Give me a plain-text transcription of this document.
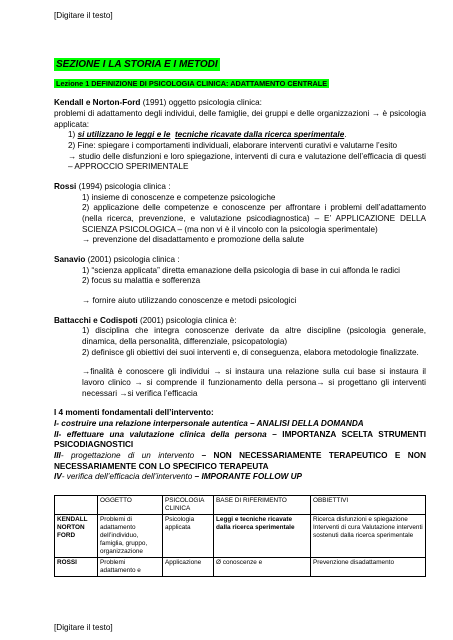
[Digitare il testo]

SEZIONE I LA STORIA E I METODI

Lezione 1 DEFINIZIONE DI PSICOLOGIA CLINICA: ADATTAMENTO CENTRALE

Kendall e Norton-Ford (1991) oggetto psicologia clinica:

problemi di adattamento degli individui, delle famiglie, dei gruppi e delle organizzazioni → è psicologia applicata:

1) si utilizzano le leggi e le tecniche ricavate dalla ricerca sperimentale.

2) Fine: spiegare i comportamenti individuali, elaborare interventi curativi e valutarne l’esito

→ studio delle disfunzioni e loro spiegazione, interventi di cura e valutazione dell’efficacia di questi – APPROCCIO SPERIMENTALE

Rossi (1994) psicologia clinica :

1) insieme di conoscenze e competenze psicologiche

2) applicazione delle competenze e conoscenze per affrontare i problemi dell’adattamento (nella ricerca, prevenzione, e valutazione psicodiagnostica) – E’ APPLICAZIONE DELLA SCIENZA PSICOLOGICA – (ma non vi è il vincolo con la psicologia sperimentale)

→ prevenzione del disadattamento e promozione della salute

Sanavio (2001) psicologia clinica :

1) “scienza applicata” diretta emanazione della psicologia di base in cui affonda le radici

2) focus su malattia e sofferenza

→ fornire aiuto utilizzando conoscenze e metodi psicologici

Battacchi e Codispoti (2001) psicologia clinica è:

1) disciplina che integra conoscenze derivate da altre discipline (psicologia generale, dinamica, della personalità, differenziale, psicopatologia)

2) definisce gli obiettivi dei suoi interventi e, di conseguenza, elabora metodologie finalizzate.

→finalità è conoscere gli individui → si instaura una relazione sulla cui base si instaura il lavoro clinico → si comprende il funzionamento della persona→ si progettano gli interventi necessari →si verifica l’efficacia

I 4 momenti fondamentali dell’intervento:

I- costruire una relazione interpersonale autentica – ANALISI DELLA DOMANDA

II- effettuare una valutazione clinica della persona – IMPORTANZA SCELTA STRUMENTI PSICODIAGNOSTICI

III- progettazione di un intervento – NON NECESSARIAMENTE TERAPEUTICO E NON NECESSARIAMENTE CON LO SPECIFICO TERAPEUTA

IV- verifica dell’efficacia dell’intervento – IMPORANTE FOLLOW UP

	OGGETTO	PSICOLOGIA CLINICA	BASE DI RIFERIMENTO	OBBIETTIVI
KENDALL NORTON FORD	Problemi di adattamento dell’individuo, famiglia, gruppo, organizzazione	Psicologia applicata	Leggi e tecniche ricavate dalla ricerca sperimentale	Ricerca disfunzioni e spiegazione Interventi di cura Valutazione interventi sostenuti dalla ricerca sperimentale
ROSSI	Problemi adattamento e	Applicazione	Ø conoscenze e	Prevenzione disadattamento
[Digitare il testo]
